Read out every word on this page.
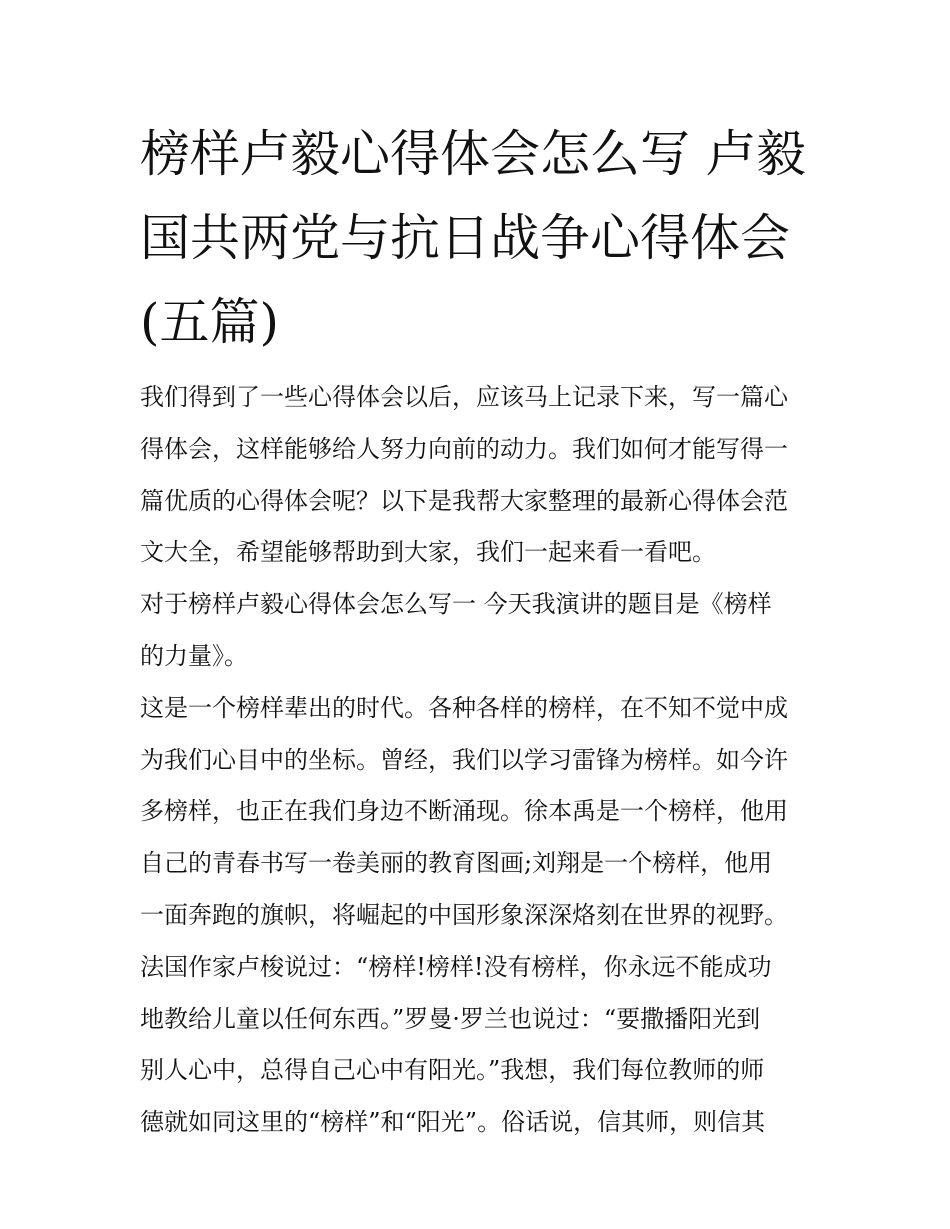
榜样卢毅心得体会怎么写 卢毅
国共两党与抗日战争心得体会
(五篇)
我们得到了一些心得体会以后，应该马上记录下来，写一篇心
得体会，这样能够给人努力向前的动力。我们如何才能写得一
篇优质的心得体会呢？以下是我帮大家整理的最新心得体会范
文大全，希望能够帮助到大家，我们一起来看一看吧。
对于榜样卢毅心得体会怎么写一 今天我演讲的题目是《榜样
的力量》。
这是一个榜样辈出的时代。各种各样的榜样，在不知不觉中成
为我们心目中的坐标。曾经，我们以学习雷锋为榜样。如今许
多榜样，也正在我们身边不断涌现。徐本禹是一个榜样，他用
自己的青春书写一卷美丽的教育图画;刘翔是一个榜样，他用
一面奔跑的旗帜，将崛起的中国形象深深烙刻在世界的视野。
法国作家卢梭说过：“榜样!榜样!没有榜样，你永远不能成功
地教给儿童以任何东西。”罗曼·罗兰也说过：“要撒播阳光到
别人心中，总得自己心中有阳光。”我想，我们每位教师的师
德就如同这里的“榜样”和“阳光”。俗话说，信其师，则信其
